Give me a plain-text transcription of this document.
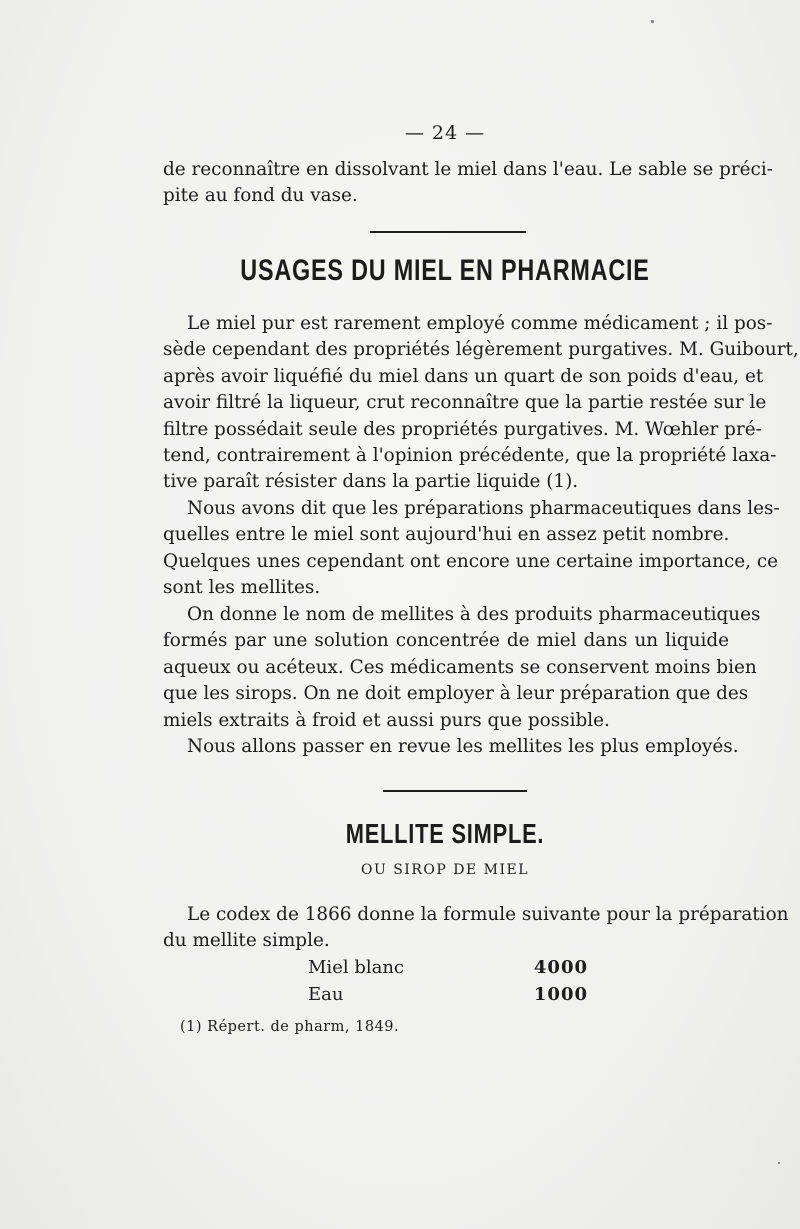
— 24 —
de reconnaître en dissolvant le miel dans l'eau. Le sable se préci-
pite au fond du vase.
USAGES DU MIEL EN PHARMACIE
Le miel pur est rarement employé comme médicament ; il pos-
sède cependant des propriétés légèrement purgatives. M. Guibourt,
après avoir liquéfié du miel dans un quart de son poids d'eau, et
avoir filtré la liqueur, crut reconnaître que la partie restée sur le
filtre possédait seule des propriétés purgatives. M. Wœhler pré-
tend, contrairement à l'opinion précédente, que la propriété laxa-
tive paraît résister dans la partie liquide (1).
Nous avons dit que les préparations pharmaceutiques dans les-
quelles entre le miel sont aujourd'hui en assez petit nombre.
Quelques unes cependant ont encore une certaine importance, ce
sont les mellites.
On donne le nom de mellites à des produits pharmaceutiques
formés par une solution concentrée de miel dans un liquide
aqueux ou acéteux. Ces médicaments se conservent moins bien
que les sirops. On ne doit employer à leur préparation que des
miels extraits à froid et aussi purs que possible.
Nous allons passer en revue les mellites les plus employés.
MELLITE SIMPLE.
OU SIROP DE MIEL
Le codex de 1866 donne la formule suivante pour la préparation
du mellite simple.
Miel blanc	4000
Eau	1000
(1) Répert. de pharm, 1849.
